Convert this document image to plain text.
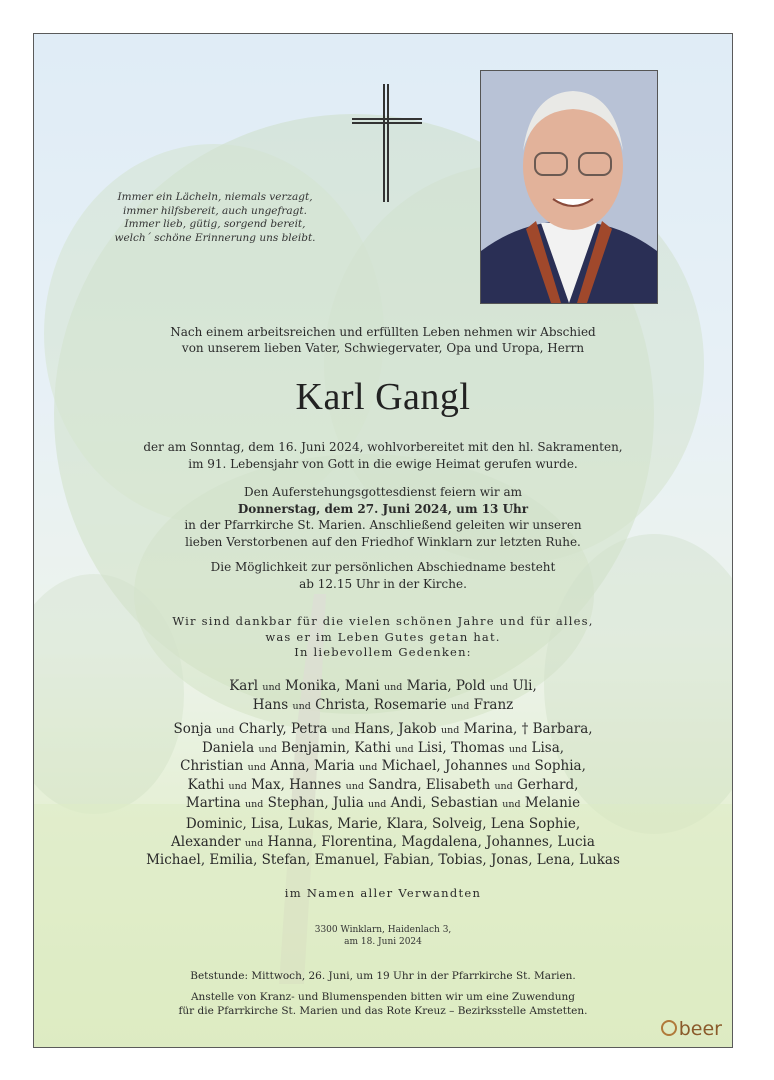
Immer ein Lächeln, niemals verzagt,
immer hilfsbereit, auch ungefragt.
Immer lieb, gütig, sorgend bereit,
welch´ schöne Erinnerung uns bleibt.
Nach einem arbeitsreichen und erfüllten Leben nehmen wir Abschied
von unserem lieben Vater, Schwiegervater, Opa und Uropa, Herrn
Karl Gangl
der am Sonntag, dem 16. Juni 2024, wohlvorbereitet mit den hl. Sakramenten,
im 91. Lebensjahr von Gott in die ewige Heimat gerufen wurde.
Den Auferstehungsgottesdienst feiern wir am
Donnerstag, dem 27. Juni 2024, um 13 Uhr
in der Pfarrkirche St. Marien. Anschließend geleiten wir unseren
lieben Verstorbenen auf den Friedhof Winklarn zur letzten Ruhe.
Die Möglichkeit zur persönlichen Abschiedname besteht
ab 12.15 Uhr in der Kirche.
Wir sind dankbar für die vielen schönen Jahre und für alles,
was er im Leben Gutes getan hat.
In liebevollem Gedenken:
Karl und Monika, Mani und Maria, Pold und Uli,
Hans und Christa, Rosemarie und Franz
Sonja und Charly, Petra und Hans, Jakob und Marina, † Barbara,
Daniela und Benjamin, Kathi und Lisi, Thomas und Lisa,
Christian und Anna, Maria und Michael, Johannes und Sophia,
Kathi und Max, Hannes und Sandra, Elisabeth und Gerhard,
Martina und Stephan, Julia und Andi, Sebastian und Melanie
Dominic, Lisa, Lukas, Marie, Klara, Solveig, Lena Sophie,
Alexander und Hanna, Florentina, Magdalena, Johannes, Lucia
Michael, Emilia, Stefan, Emanuel, Fabian, Tobias, Jonas, Lena, Lukas
im Namen aller Verwandten
3300 Winklarn, Haidenlach 3,
am 18. Juni 2024
Betstunde: Mittwoch, 26. Juni, um 19 Uhr in der Pfarrkirche St. Marien.
Anstelle von Kranz- und Blumenspenden bitten wir um eine Zuwendung
für die Pfarrkirche St. Marien und das Rote Kreuz – Bezirksstelle Amstetten.
beer
